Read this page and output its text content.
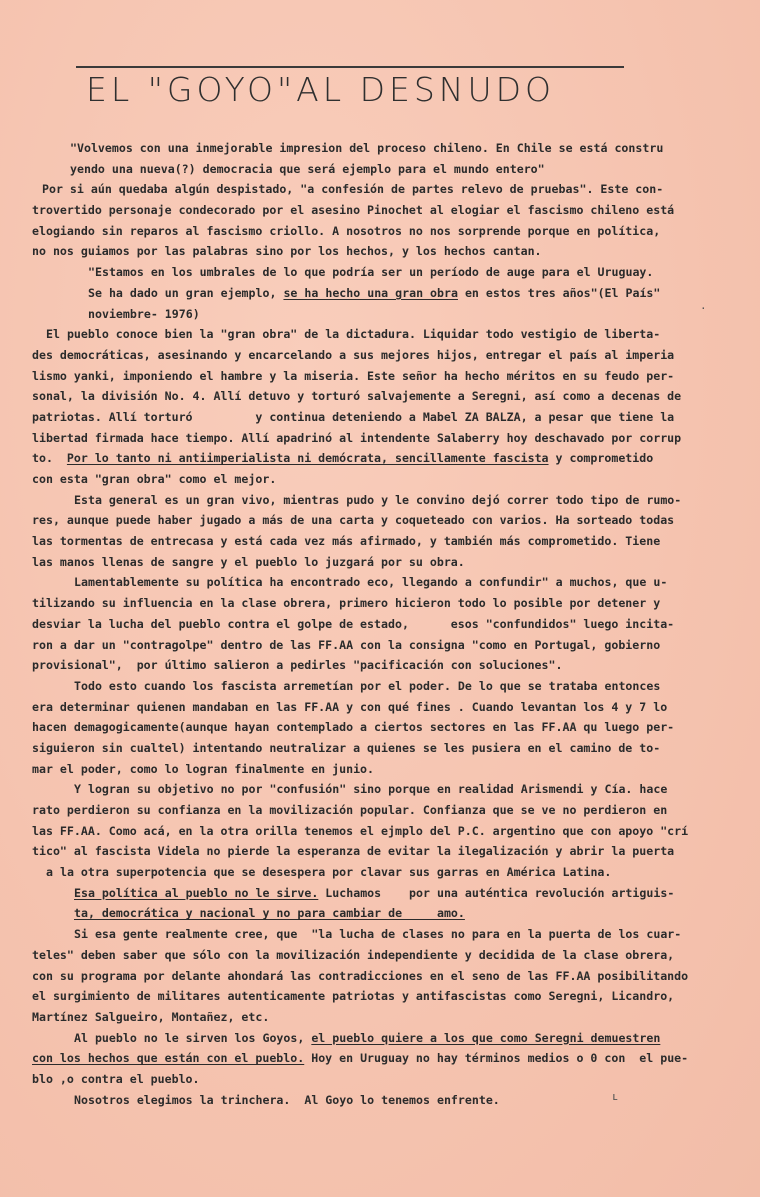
EL "GOYO"AL DESNUDO
"Volvemos con una inmejorable impresion del proceso chileno. En Chile se está constru
yendo una nueva(?) democracia que será ejemplo para el mundo entero"
Por si aún quedaba algún despistado, "a confesión de partes relevo de pruebas". Este con-
trovertido personaje condecorado por el asesino Pinochet al elogiar el fascismo chileno está
elogiando sin reparos al fascismo criollo. A nosotros no nos sorprende porque en política,
no nos guiamos por las palabras sino por los hechos, y los hechos cantan.
"Estamos en los umbrales de lo que podría ser un período de auge para el Uruguay.
Se ha dado un gran ejemplo, se ha hecho una gran obra en estos tres años"(El País"
noviembre- 1976)
El pueblo conoce bien la "gran obra" de la dictadura. Liquidar todo vestigio de liberta-
des democráticas, asesinando y encarcelando a sus mejores hijos, entregar el país al imperia
lismo yanki, imponiendo el hambre y la miseria. Este señor ha hecho méritos en su feudo per-
sonal, la división No. 4. Allí detuvo y torturó salvajemente a Seregni, así como a decenas de
patriotas. Allí torturó         y continua deteniendo a Mabel ZA BALZA, a pesar que tiene la
libertad firmada hace tiempo. Allí apadrinó al intendente Salaberry hoy deschavado por corrup
to.  Por lo tanto ni antiimperialista ni demócrata, sencillamente fascista y comprometido
con esta "gran obra" como el mejor.
Esta general es un gran vivo, mientras pudo y le convino dejó correr todo tipo de rumo-
res, aunque puede haber jugado a más de una carta y coqueteado con varios. Ha sorteado todas
las tormentas de entrecasa y está cada vez más afirmado, y también más comprometido. Tiene
las manos llenas de sangre y el pueblo lo juzgará por su obra.
Lamentablemente su política ha encontrado eco, llegando a confundir" a muchos, que u-
tilizando su influencia en la clase obrera, primero hicieron todo lo posible por detener y
desviar la lucha del pueblo contra el golpe de estado,      esos "confundidos" luego incita-
ron a dar un "contragolpe" dentro de las FF.AA con la consigna "como en Portugal, gobierno
provisional",  por último salieron a pedirles "pacificación con soluciones".
Todo esto cuando los fascista arremetían por el poder. De lo que se trataba entonces
era determinar quienen mandaban en las FF.AA y con qué fines . Cuando levantan los 4 y 7 lo
hacen demagogicamente(aunque hayan contemplado a ciertos sectores en las FF.AA qu luego per-
siguieron sin cualtel) intentando neutralizar a quienes se les pusiera en el camino de to-
mar el poder, como lo logran finalmente en junio.
Y logran su objetivo no por "confusión" sino porque en realidad Arismendi y Cía. hace
rato perdieron su confianza en la movilización popular. Confianza que se ve no perdieron en
las FF.AA. Como acá, en la otra orilla tenemos el ejmplo del P.C. argentino que con apoyo "crí
tico" al fascista Videla no pierde la esperanza de evitar la ilegalización y abrir la puerta
a la otra superpotencia que se desespera por clavar sus garras en América Latina.
Esa política al pueblo no le sirve. Luchamos    por una auténtica revolución artiguis-
ta, democrática y nacional y no para cambiar de     amo.
Si esa gente realmente cree, que  "la lucha de clases no para en la puerta de los cuar-
teles" deben saber que sólo con la movilización independiente y decidida de la clase obrera,
con su programa por delante ahondará las contradicciones en el seno de las FF.AA posibilitando
el surgimiento de militares autenticamente patriotas y antifascistas como Seregni, Licandro,
Martínez Salgueiro, Montañez, etc.
Al pueblo no le sirven los Goyos, el pueblo quiere a los que como Seregni demuestren
con los hechos que están con el pueblo. Hoy en Uruguay no hay términos medios o 0 con  el pue-
blo ,o contra el pueblo.
Nosotros elegimos la trinchera.  Al Goyo lo tenemos enfrente.
·
ʟ
